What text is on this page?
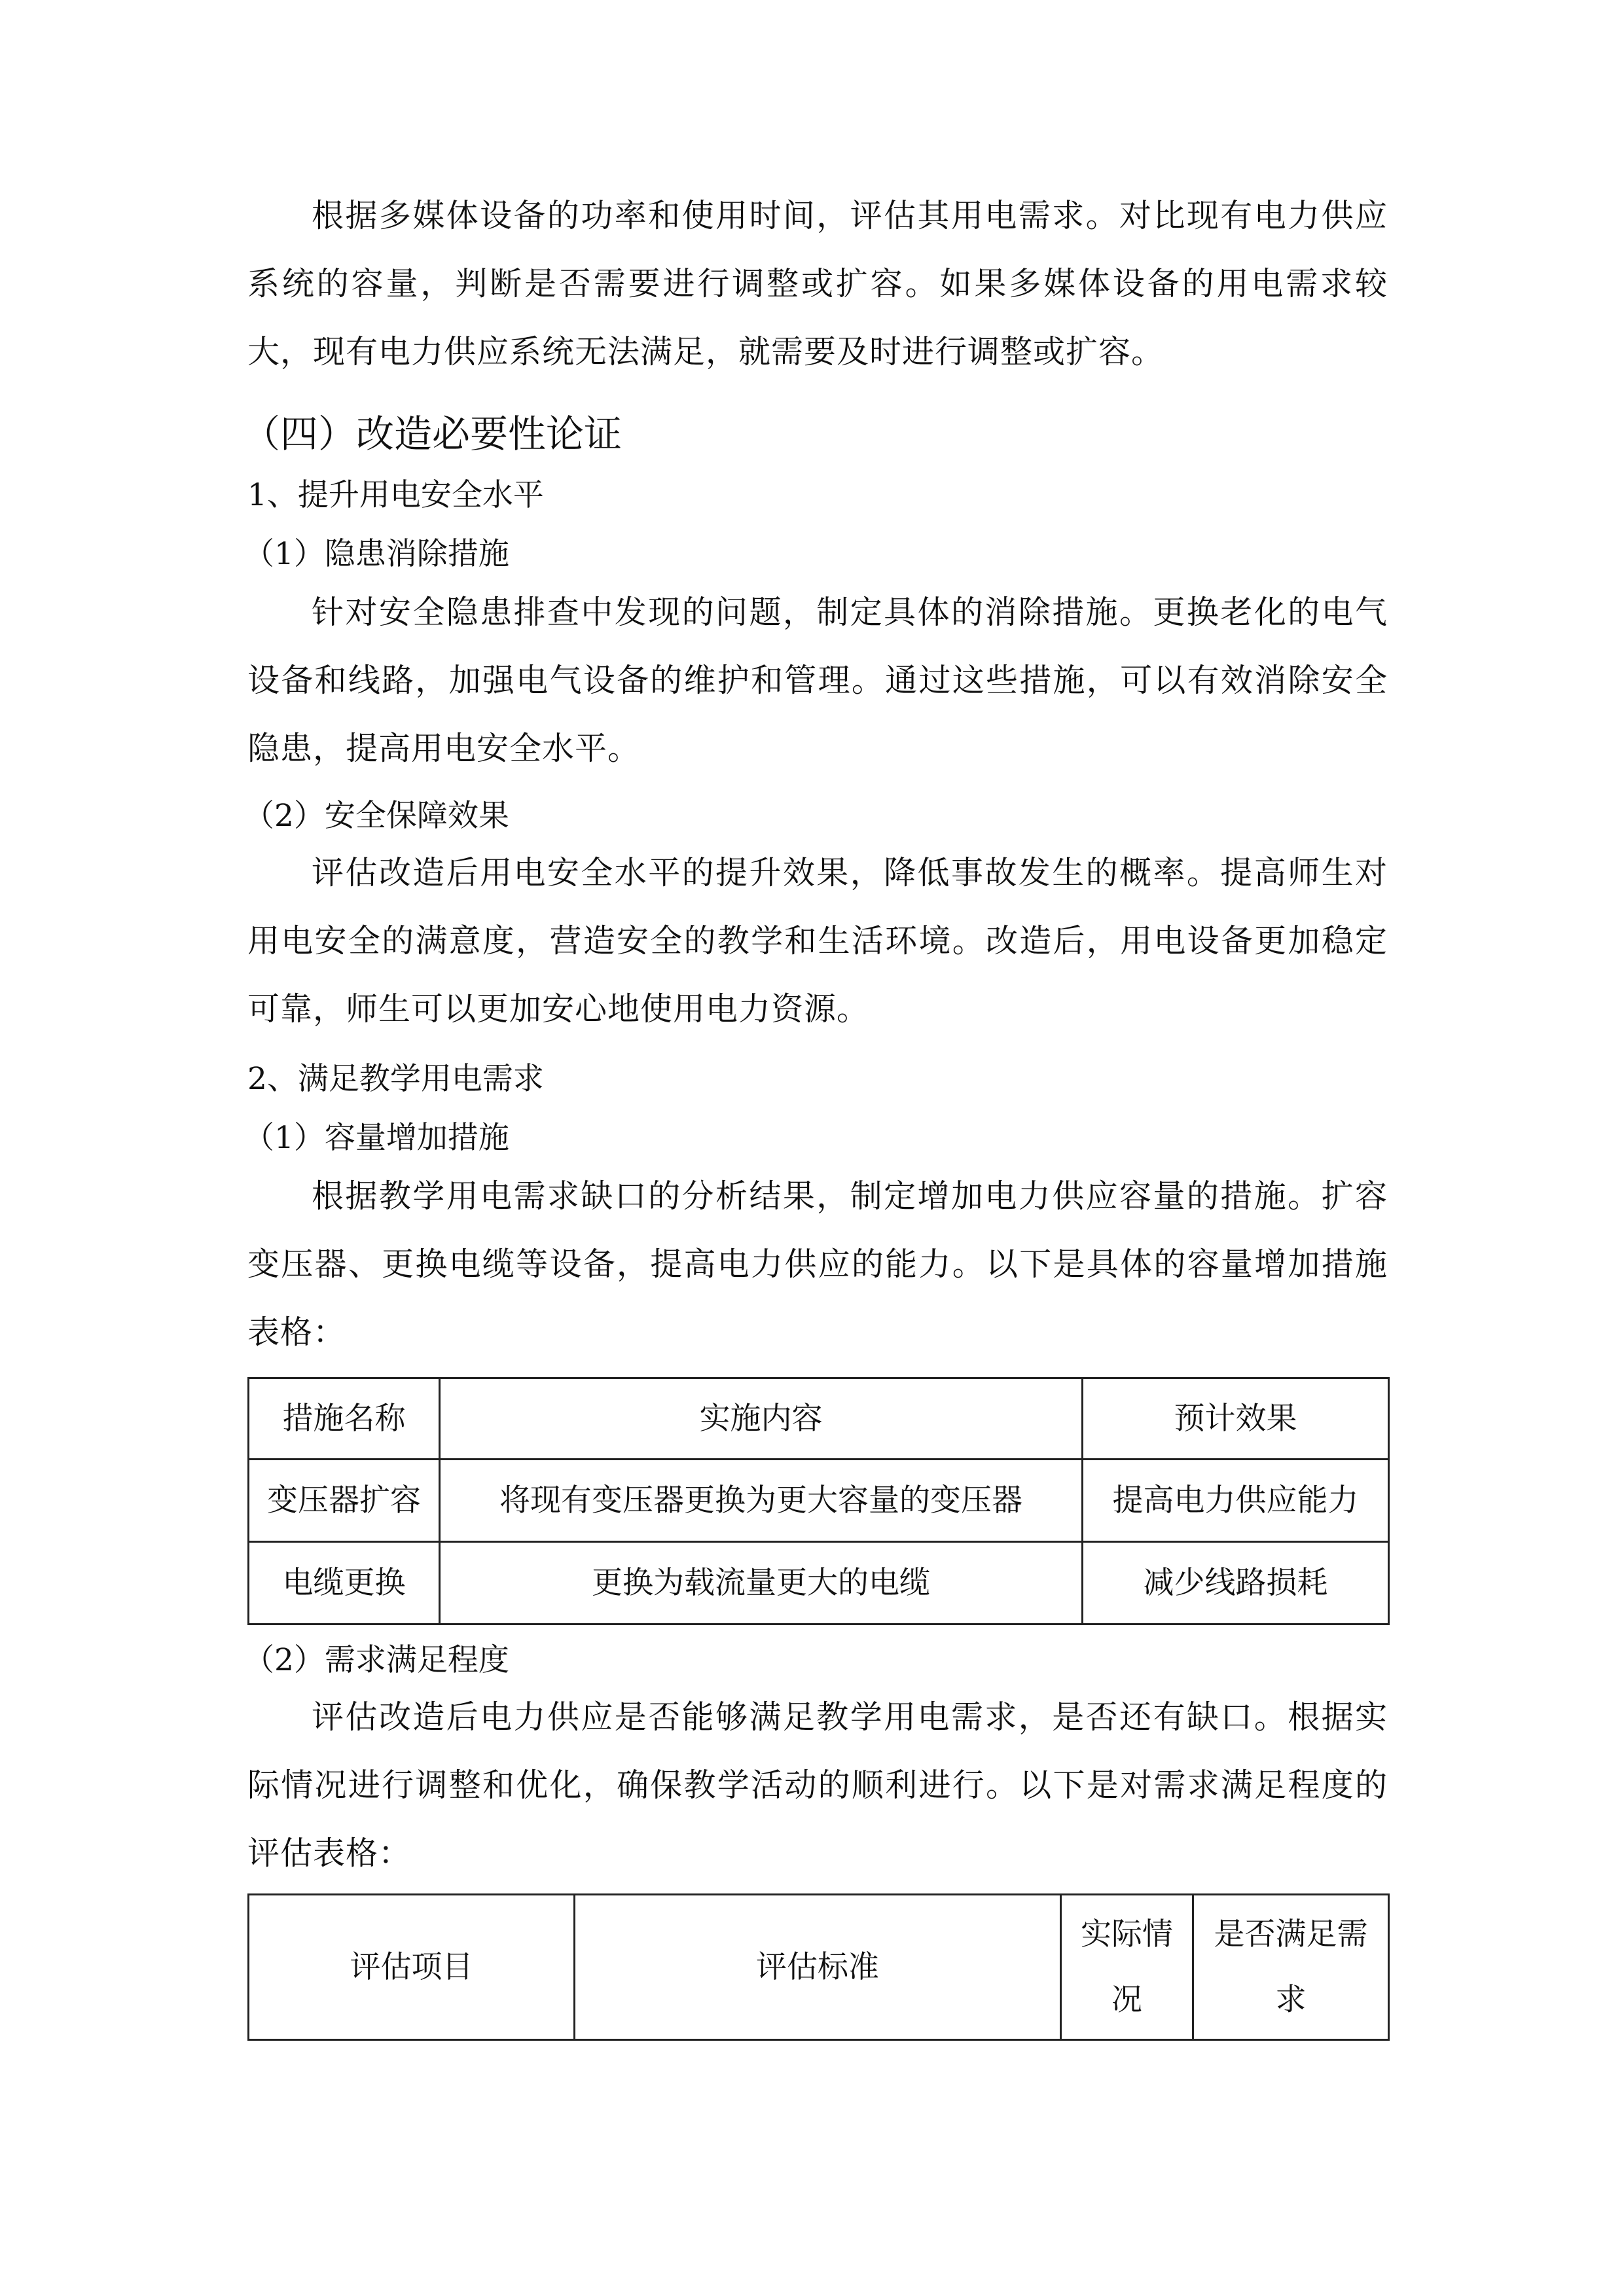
根据多媒体设备的功率和使用时间，评估其用电需求。对比现有电力供应系统的容量，判断是否需要进行调整或扩容。如果多媒体设备的用电需求较大，现有电力供应系统无法满足，就需要及时进行调整或扩容。

（四）改造必要性论证

1、提升用电安全水平

（1）隐患消除措施

针对安全隐患排查中发现的问题，制定具体的消除措施。更换老化的电气设备和线路，加强电气设备的维护和管理。通过这些措施，可以有效消除安全隐患，提高用电安全水平。

（2）安全保障效果

评估改造后用电安全水平的提升效果，降低事故发生的概率。提高师生对用电安全的满意度，营造安全的教学和生活环境。改造后，用电设备更加稳定可靠，师生可以更加安心地使用电力资源。

2、满足教学用电需求

（1）容量增加措施

根据教学用电需求缺口的分析结果，制定增加电力供应容量的措施。扩容变压器、更换电缆等设备，提高电力供应的能力。以下是具体的容量增加措施表格：

措施名称	实施内容	预计效果
变压器扩容	将现有变压器更换为更大容量的变压器	提高电力供应能力
电缆更换	更换为载流量更大的电缆	减少线路损耗

（2）需求满足程度

评估改造后电力供应是否能够满足教学用电需求，是否还有缺口。根据实际情况进行调整和优化，确保教学活动的顺利进行。以下是对需求满足程度的评估表格：

评估项目	评估标准	实际情况	是否满足需求
